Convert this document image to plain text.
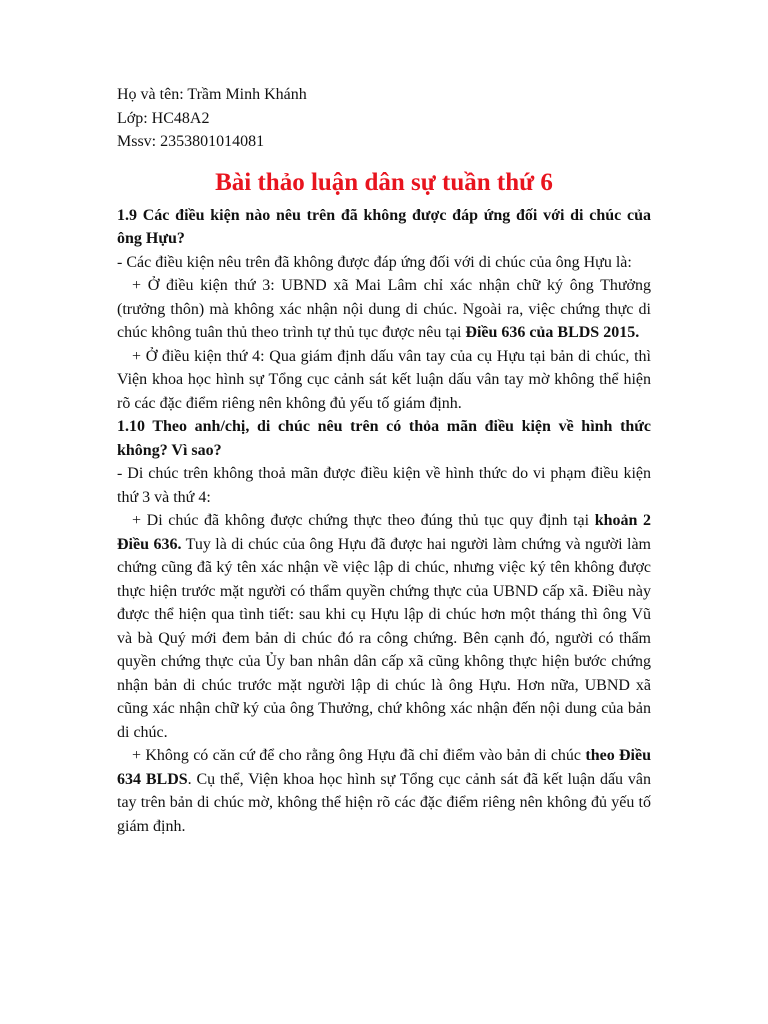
Họ và tên: Trầm Minh Khánh

Lớp: HC48A2

Mssv: 2353801014081

Bài thảo luận dân sự tuần thứ 6

1.9 Các điều kiện nào nêu trên đã không được đáp ứng đối với di chúc của ông Hựu?

- Các điều kiện nêu trên đã không được đáp ứng đối với di chúc của ông Hựu là:

+ Ở điều kiện thứ 3: UBND xã Mai Lâm chỉ xác nhận chữ ký ông Thưởng (trưởng thôn) mà không xác nhận nội dung di chúc. Ngoài ra, việc chứng thực di chúc không tuân thủ theo trình tự thủ tục được nêu tại Điều 636 của BLDS 2015.

+ Ở điều kiện thứ 4: Qua giám định dấu vân tay của cụ Hựu tại bản di chúc, thì Viện khoa học hình sự Tổng cục cảnh sát kết luận dấu vân tay mờ không thể hiện rõ các đặc điểm riêng nên không đủ yếu tố giám định.

1.10 Theo anh/chị, di chúc nêu trên có thỏa mãn điều kiện về hình thức không? Vì sao?

- Di chúc trên không thoả mãn được điều kiện về hình thức do vi phạm điều kiện thứ 3 và thứ 4:

+ Di chúc đã không được chứng thực theo đúng thủ tục quy định tại khoản 2 Điều 636. Tuy là di chúc của ông Hựu đã được hai người làm chứng và người làm chứng cũng đã ký tên xác nhận về việc lập di chúc, nhưng việc ký tên không được thực hiện trước mặt người có thẩm quyền chứng thực của UBND cấp xã. Điều này được thể hiện qua tình tiết: sau khi cụ Hựu lập di chúc hơn một tháng thì ông Vũ và bà Quý mới đem bản di chúc đó ra công chứng. Bên cạnh đó, người có thẩm quyền chứng thực của Ủy ban nhân dân cấp xã cũng không thực hiện bước chứng nhận bản di chúc trước mặt người lập di chúc là ông Hựu. Hơn nữa, UBND xã cũng xác nhận chữ ký của ông Thưởng, chứ không xác nhận đến nội dung của bản di chúc.

+ Không có căn cứ để cho rằng ông Hựu đã chỉ điểm vào bản di chúc theo Điều 634 BLDS. Cụ thể, Viện khoa học hình sự Tổng cục cảnh sát đã kết luận dấu vân tay trên bản di chúc mờ, không thể hiện rõ các đặc điểm riêng nên không đủ yếu tố giám định.
